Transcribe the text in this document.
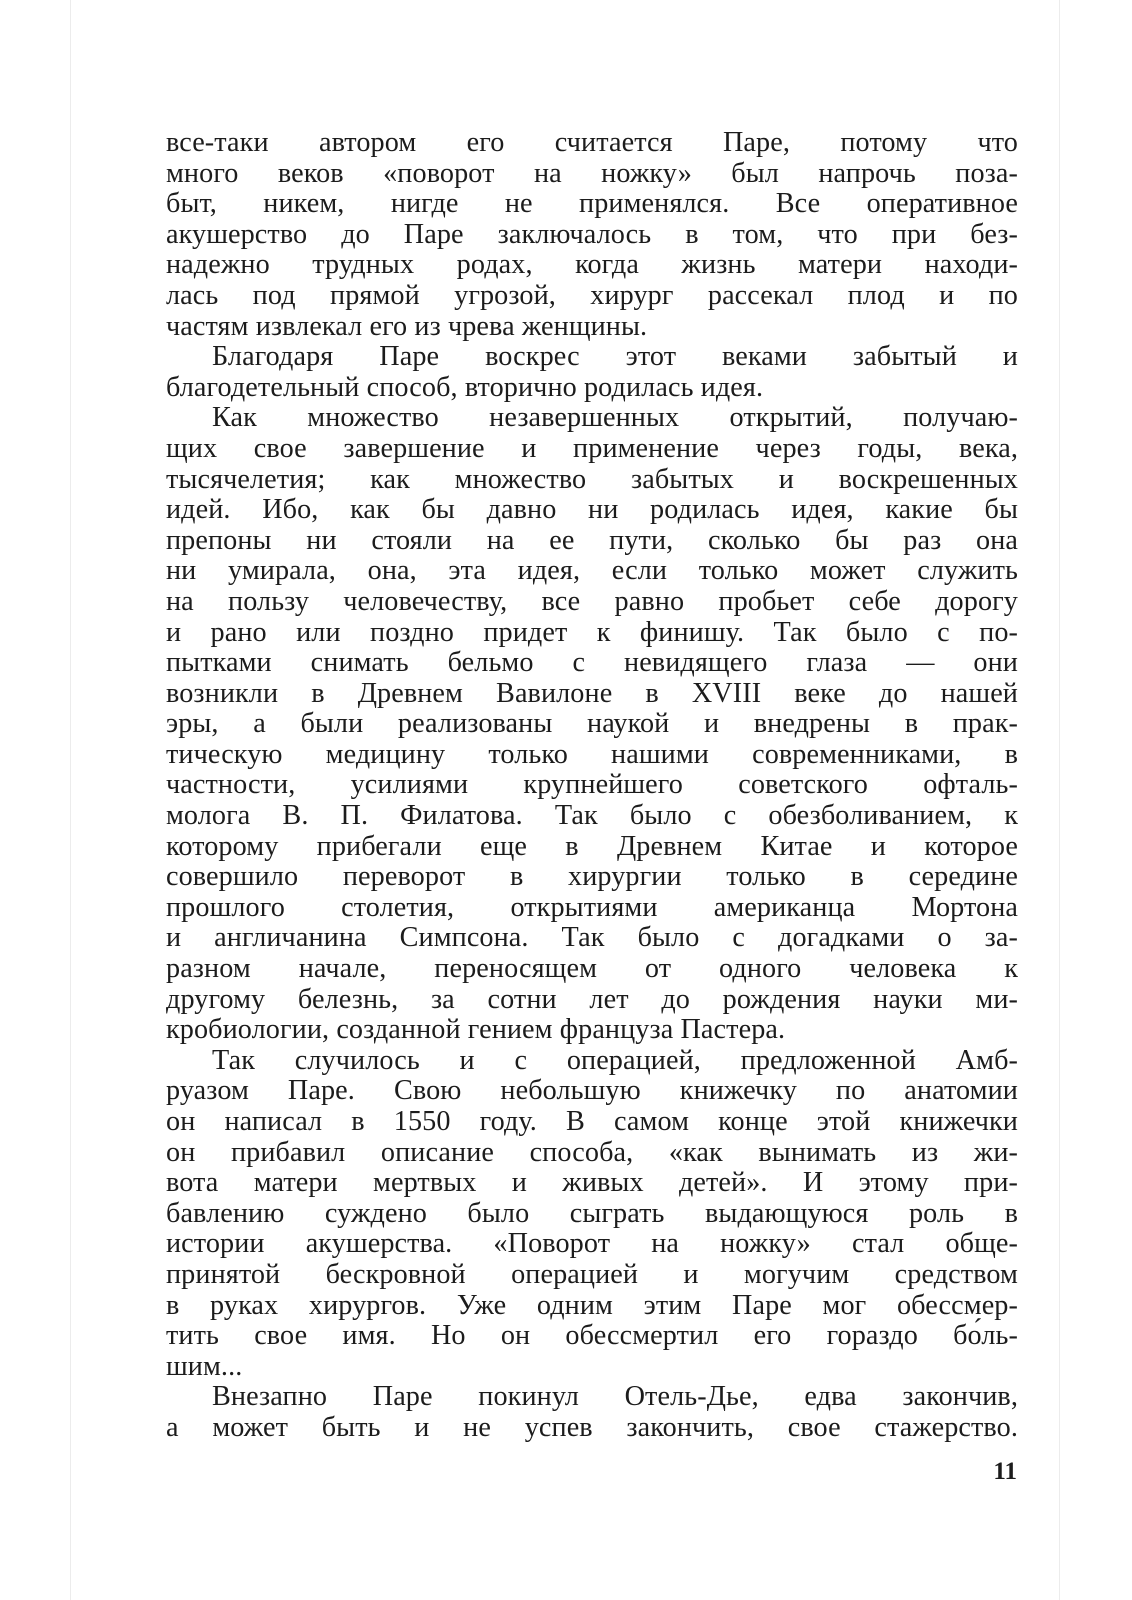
все-таки автором его считается Паре, потому что
много веков «поворот на ножку» был напрочь поза-
быт, никем, нигде не применялся. Все оперативное
акушерство до Паре заключалось в том, что при без-
надежно трудных родах, когда жизнь матери находи-
лась под прямой угрозой, хирург рассекал плод и по
частям извлекал его из чрева женщины.
Благодаря Паре воскрес этот веками забытый и
благодетельный способ, вторично родилась идея.
Как множество незавершенных открытий, получаю-
щих свое завершение и применение через годы, века,
тысячелетия; как множество забытых и воскрешенных
идей. Ибо, как бы давно ни родилась идея, какие бы
препоны ни стояли на ее пути, сколько бы раз она
ни умирала, она, эта идея, если только может служить
на пользу человечеству, все равно пробьет себе дорогу
и рано или поздно придет к финишу. Так было с по-
пытками снимать бельмо с невидящего глаза — они
возникли в Древнем Вавилоне в XVIII веке до нашей
эры, а были реализованы наукой и внедрены в прак-
тическую медицину только нашими современниками, в
частности, усилиями крупнейшего советского офталь-
молога В. П. Филатова. Так было с обезболиванием, к
которому прибегали еще в Древнем Китае и которое
совершило переворот в хирургии только в середине
прошлого столетия, открытиями американца Мортона
и англичанина Симпсона. Так было с догадками о за-
разном начале, переносящем от одного человека к
другому белезнь, за сотни лет до рождения науки ми-
кробиологии, созданной гением француза Пастера.
Так случилось и с операцией, предложенной Амб-
руазом Паре. Свою небольшую книжечку по анатомии
он написал в 1550 году. В самом конце этой книжечки
он прибавил описание способа, «как вынимать из жи-
вота матери мертвых и живых детей». И этому при-
бавлению суждено было сыграть выдающуюся роль в
истории акушерства. «Поворот на ножку» стал обще-
принятой бескровной операцией и могучим средством
в руках хирургов. Уже одним этим Паре мог обессмер-
тить свое имя. Но он обессмертил его гораздо бо́ль-
шим...
Внезапно Паре покинул Отель-Дье, едва закончив,
а может быть и не успев закончить, свое стажерство.
11
